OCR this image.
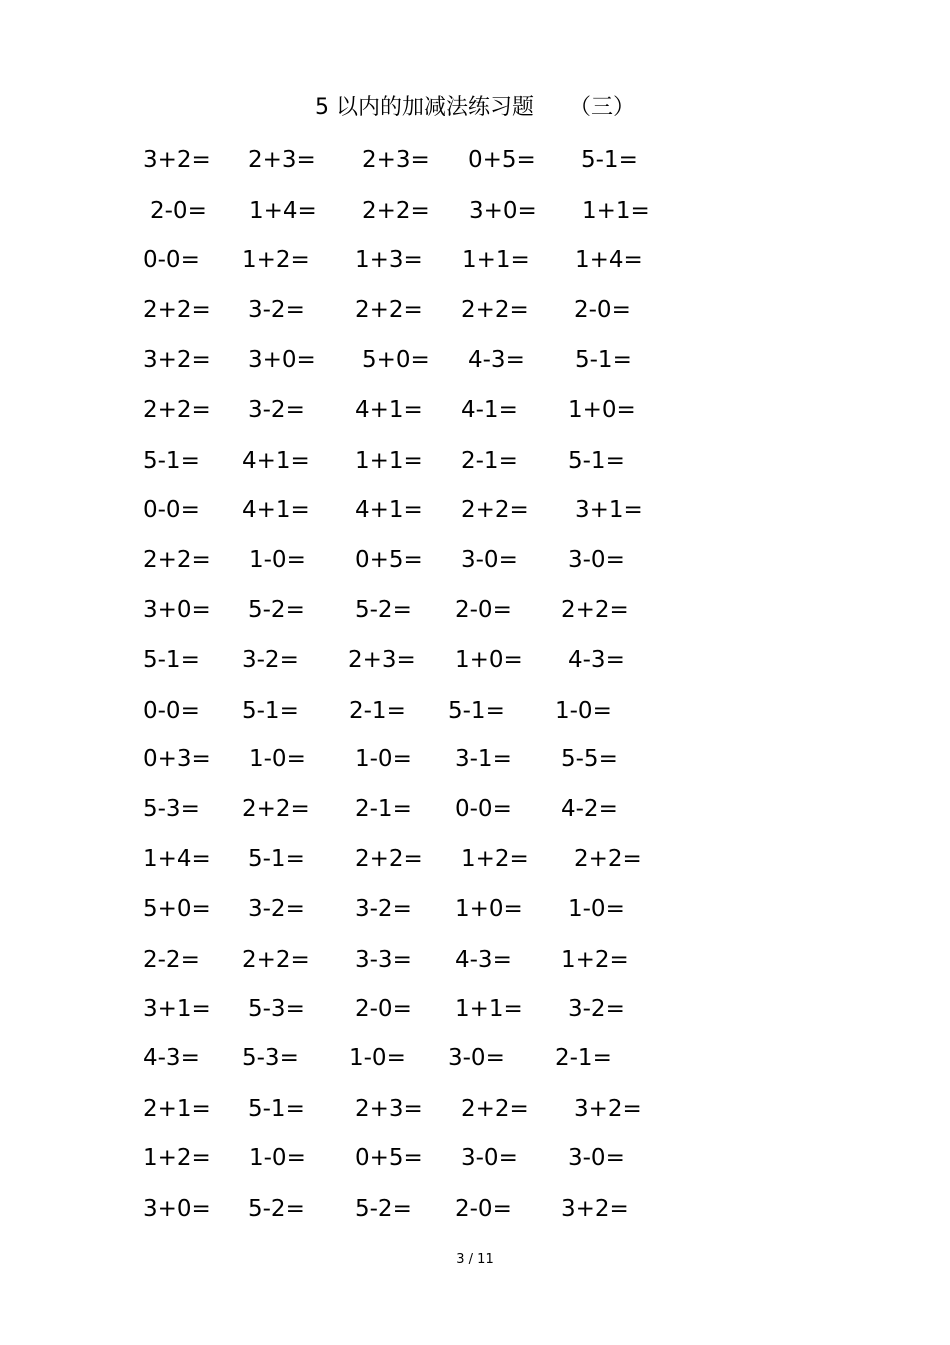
5 以内的加减法练习题     （三）
3+2= 2+3= 2+3= 0+5= 5-1=
2-0= 1+4= 2+2= 3+0= 1+1=
0-0= 1+2= 1+3= 1+1= 1+4=
2+2= 3-2= 2+2= 2+2= 2-0=
3+2= 3+0= 5+0= 4-3= 5-1=
2+2= 3-2= 4+1= 4-1= 1+0=
5-1= 4+1= 1+1= 2-1= 5-1=
0-0= 4+1= 4+1= 2+2= 3+1=
2+2= 1-0= 0+5= 3-0= 3-0=
3+0= 5-2= 5-2= 2-0= 2+2=
5-1= 3-2= 2+3= 1+0= 4-3=
0-0= 5-1= 2-1= 5-1= 1-0=
0+3= 1-0= 1-0= 3-1= 5-5=
5-3= 2+2= 2-1= 0-0= 4-2=
1+4= 5-1= 2+2= 1+2= 2+2=
5+0= 3-2= 3-2= 1+0= 1-0=
2-2= 2+2= 3-3= 4-3= 1+2=
3+1= 5-3= 2-0= 1+1= 3-2=
4-3= 5-3= 1-0= 3-0= 2-1=
2+1= 5-1= 2+3= 2+2= 3+2=
1+2= 1-0= 0+5= 3-0= 3-0=
3+0= 5-2= 5-2= 2-0= 3+2=
3 / 11
